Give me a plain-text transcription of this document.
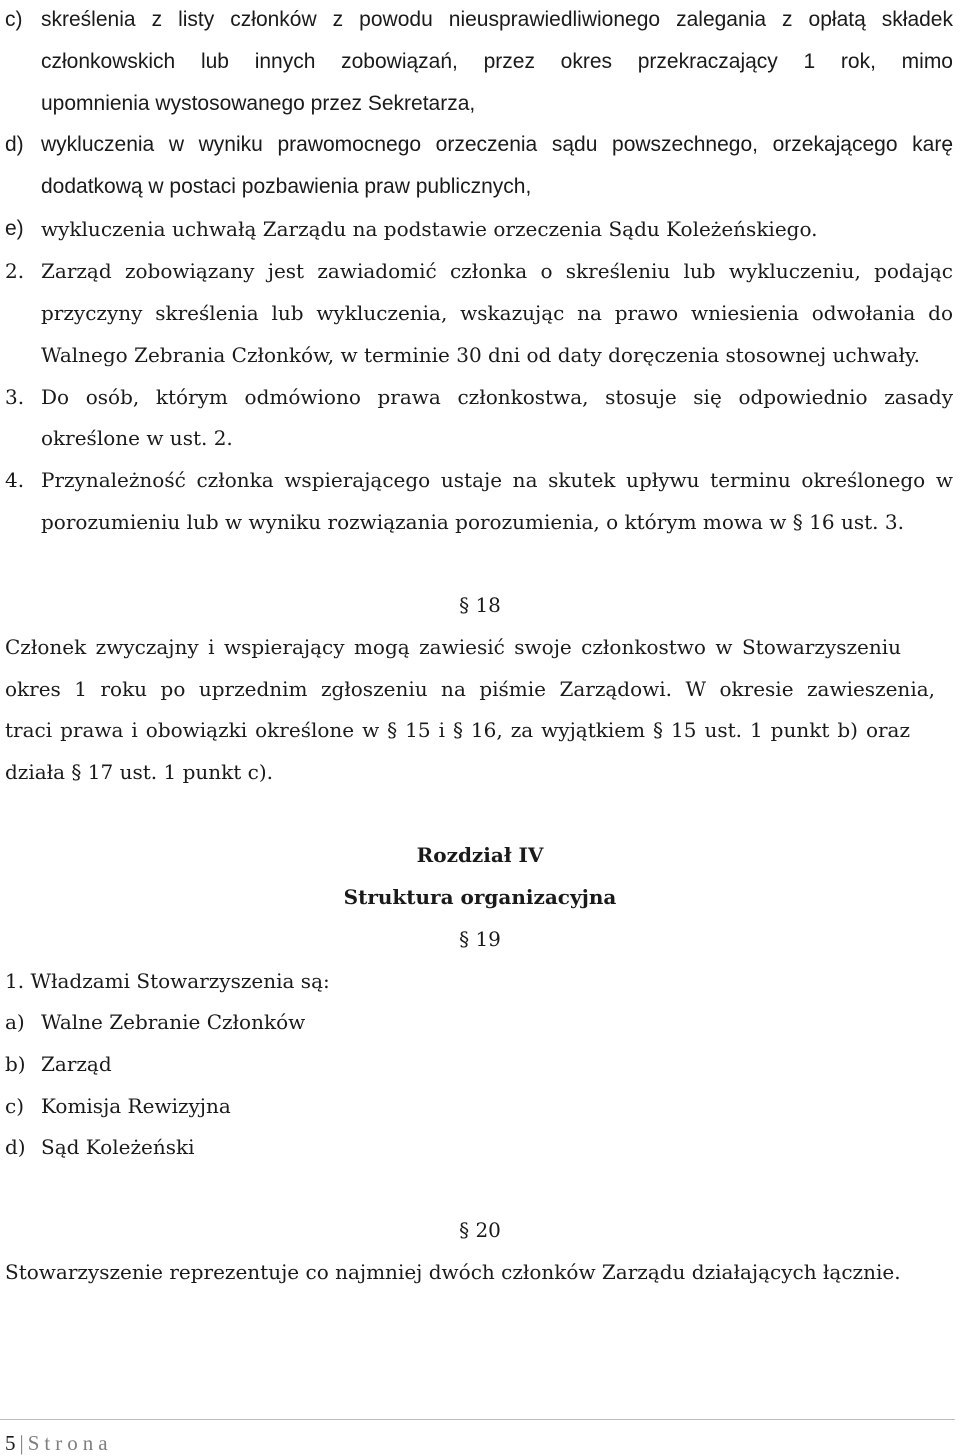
c) skreślenia z listy członków z powodu nieusprawiedliwionego zalegania z opłatą składek
członkowskich lub innych zobowiązań, przez okres przekraczający 1 rok, mimo
upomnienia wystosowanego przez Sekretarza,
d) wykluczenia w wyniku prawomocnego orzeczenia sądu powszechnego, orzekającego karę
dodatkową w postaci pozbawienia praw publicznych,
e) wykluczenia uchwałą Zarządu na podstawie orzeczenia Sądu Koleżeńskiego.
2. Zarząd zobowiązany jest zawiadomić członka o skreśleniu lub wykluczeniu, podając
przyczyny skreślenia lub wykluczenia, wskazując na prawo wniesienia odwołania do
Walnego Zebrania Członków, w terminie 30 dni od daty doręczenia stosownej uchwały.
3. Do osób, którym odmówiono prawa członkostwa, stosuje się odpowiednio zasady
określone w ust. 2.
4. Przynależność członka wspierającego ustaje na skutek upływu terminu określonego w
porozumieniu lub w wyniku rozwiązania porozumienia, o którym mowa w § 16 ust. 3.
§ 18
Członek zwyczajny i wspierający mogą zawiesić swoje członkostwo w Stowarzyszeniu
okres 1 roku po uprzednim zgłoszeniu na piśmie Zarządowi. W okresie zawieszenia,
traci prawa i obowiązki określone w § 15 i § 16, za wyjątkiem § 15 ust. 1 punkt b) oraz
działa § 17 ust. 1 punkt c).
Rozdział IV
Struktura organizacyjna
§ 19
1. Władzami Stowarzyszenia są:
a) Walne Zebranie Członków
b) Zarząd
c) Komisja Rewizyjna
d) Sąd Koleżeński
§ 20
Stowarzyszenie reprezentuje co najmniej dwóch członków Zarządu działających łącznie.
5 | Strona
